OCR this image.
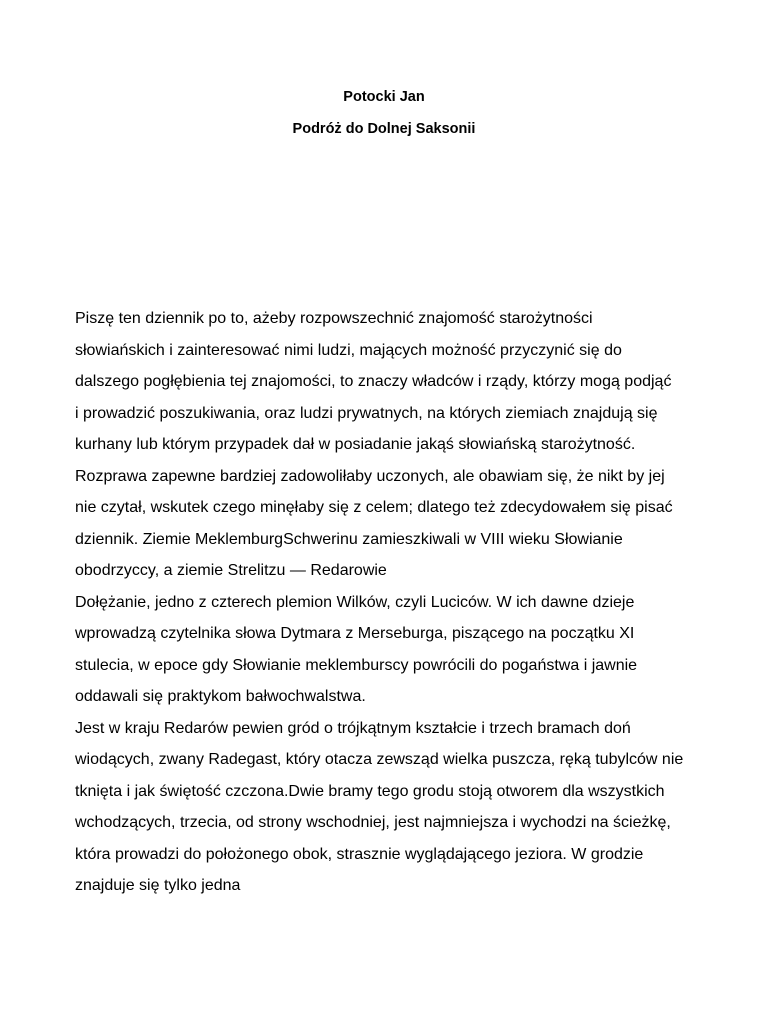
Potocki Jan

Podróż do Dolnej Saksonii

Piszę ten dziennik po to, ażeby rozpowszechnić znajomość starożytności
słowiańskich i zainteresować nimi ludzi, mających możność przyczynić się do
dalszego pogłębienia tej znajomości, to znaczy władców i rządy, którzy mogą podjąć
i prowadzić poszukiwania, oraz ludzi prywatnych, na których ziemiach znajdują się
kurhany lub którym przypadek dał w posiadanie jakąś słowiańską starożytność.
Rozprawa zapewne bardziej zadowoliłaby uczonych, ale obawiam się, że nikt by jej
nie czytał, wskutek czego minęłaby się z celem; dlatego też zdecydowałem się pisać
dziennik. Ziemie MeklemburgSchwerinu zamieszkiwali w VIII wieku Słowianie
obodrzyccy, a ziemie Strelitzu — Redarowie
Dołężanie, jedno z czterech plemion Wilków, czyli Luciców. W ich dawne dzieje
wprowadzą czytelnika słowa Dytmara z Merseburga, piszącego na początku XI
stulecia, w epoce gdy Słowianie meklemburscy powrócili do pogaństwa i jawnie
oddawali się praktykom bałwochwalstwa.
Jest w kraju Redarów pewien gród o trójkątnym kształcie i trzech bramach doń
wiodących, zwany Radegast, który otacza zewsząd wielka puszcza, ręką tubylców nie
tknięta i jak świętość czczona.Dwie bramy tego grodu stoją otworem dla wszystkich
wchodzących, trzecia, od strony wschodniej, jest najmniejsza i wychodzi na ścieżkę,
która prowadzi do położonego obok, strasznie wyglądającego jeziora. W grodzie
znajduje się tylko jedna
